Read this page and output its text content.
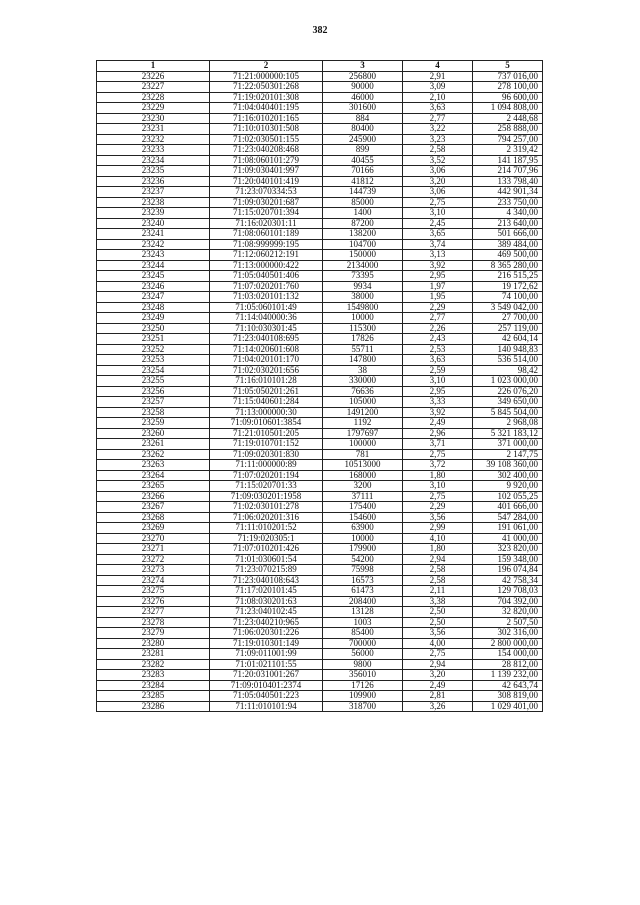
382
1	2	3	4	5
23226	71:21:000000:105	256800	2,91	737 016,00
23227	71:22:050301:268	90000	3,09	278 100,00
23228	71:19:020101:308	46000	2,10	96 600,00
23229	71:04:040401:195	301600	3,63	1 094 808,00
23230	71:16:010201:165	884	2,77	2 448,68
23231	71:10:010301:508	80400	3,22	258 888,00
23232	71:02:030501:155	245900	3,23	794 257,00
23233	71:23:040208:468	899	2,58	2 319,42
23234	71:08:060101:279	40455	3,52	141 187,95
23235	71:09:030401:997	70166	3,06	214 707,96
23236	71:20:040101:419	41812	3,20	133 798,40
23237	71:23:070334:53	144739	3,06	442 901,34
23238	71:09:030201:687	85000	2,75	233 750,00
23239	71:15:020701:394	1400	3,10	4 340,00
23240	71:16:020301:11	87200	2,45	213 640,00
23241	71:08:060101:189	138200	3,65	501 666,00
23242	71:08:999999:195	104700	3,74	389 484,00
23243	71:12:060212:191	150000	3,13	469 500,00
23244	71:13:000000:422	2134000	3,92	8 365 280,00
23245	71:05:040501:406	73395	2,95	216 515,25
23246	71:07:020201:760	9934	1,97	19 172,62
23247	71:03:020101:132	38000	1,95	74 100,00
23248	71:05:060101:49	1549800	2,29	3 549 042,00
23249	71:14:040000:36	10000	2,77	27 700,00
23250	71:10:030301:45	115300	2,26	257 119,00
23251	71:23:040108:695	17826	2,43	42 604,14
23252	71:14:020601:608	55711	2,53	140 948,83
23253	71:04:020101:170	147800	3,63	536 514,00
23254	71:02:030201:656	38	2,59	98,42
23255	71:16:010101:28	330000	3,10	1 023 000,00
23256	71:05:050201:261	76636	2,95	226 076,20
23257	71:15:040601:284	105000	3,33	349 650,00
23258	71:13:000000:30	1491200	3,92	5 845 504,00
23259	71:09:010601:3854	1192	2,49	2 968,08
23260	71:21:010501:205	1797697	2,96	5 321 183,12
23261	71:19:010701:152	100000	3,71	371 000,00
23262	71:09:020301:830	781	2,75	2 147,75
23263	71:11:000000:89	10513000	3,72	39 108 360,00
23264	71:07:020201:194	168000	1,80	302 400,00
23265	71:15:020701:33	3200	3,10	9 920,00
23266	71:09:030201:1958	37111	2,75	102 055,25
23267	71:02:030101:278	175400	2,29	401 666,00
23268	71:06:020201:316	154600	3,56	547 284,00
23269	71:11:010201:52	63900	2,99	191 061,00
23270	71:19:020305:1	10000	4,10	41 000,00
23271	71:07:010201:426	179900	1,80	323 820,00
23272	71:01:030601:54	54200	2,94	159 348,00
23273	71:23:070215:89	75998	2,58	196 074,84
23274	71:23:040108:643	16573	2,58	42 758,34
23275	71:17:020101:45	61473	2,11	129 708,03
23276	71:08:030201:63	208400	3,38	704 392,00
23277	71:23:040102:45	13128	2,50	32 820,00
23278	71:23:040210:965	1003	2,50	2 507,50
23279	71:06:020301:226	85400	3,56	302 316,00
23280	71:19:010301:149	700000	4,00	2 800 000,00
23281	71:09:011001:99	56000	2,75	154 000,00
23282	71:01:021101:55	9800	2,94	28 812,00
23283	71:20:031001:267	356010	3,20	1 139 232,00
23284	71:09:010401:2374	17126	2,49	42 643,74
23285	71:05:040501:223	109900	2,81	308 819,00
23286	71:11:010101:94	318700	3,26	1 029 401,00
